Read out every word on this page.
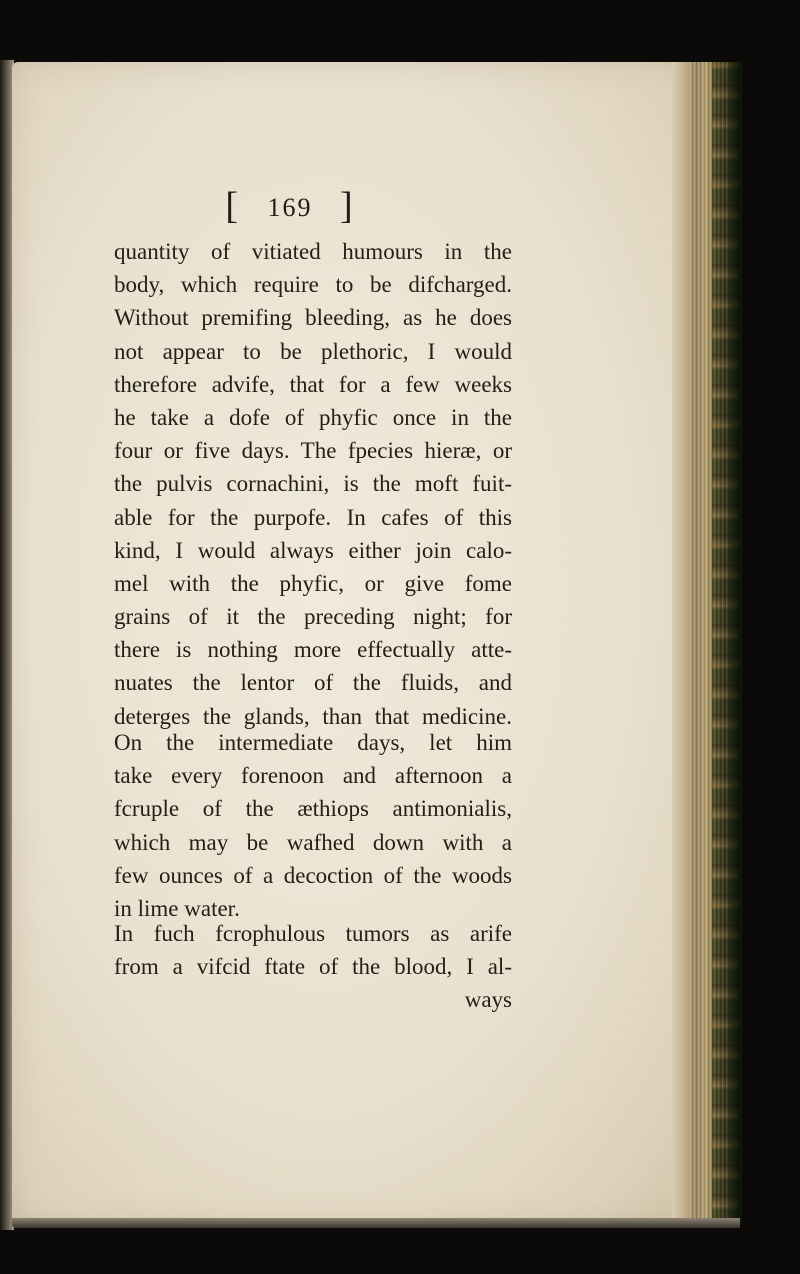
[ 169 ]
quantity of vitiated humours in the
body, which require to be difcharged.
Without premifing bleeding, as he does
not appear to be plethoric, I would
therefore advife, that for a few weeks
he take a dofe of phyfic once in the
four or five days. The fpecies hieræ, or
the pulvis cornachini, is the moft fuit-
able for the purpofe. In cafes of this
kind, I would always either join calo-
mel with the phyfic, or give fome
grains of it the preceding night; for
there is nothing more effectually atte-
nuates the lentor of the fluids, and
deterges the glands, than that medicine.
On the intermediate days, let him
take every forenoon and afternoon a
fcruple of the æthiops antimonialis,
which may be wafhed down with a
few ounces of a decoction of the woods
in lime water.
In fuch fcrophulous tumors as arife
from a vifcid ftate of the blood, I al-
ways
